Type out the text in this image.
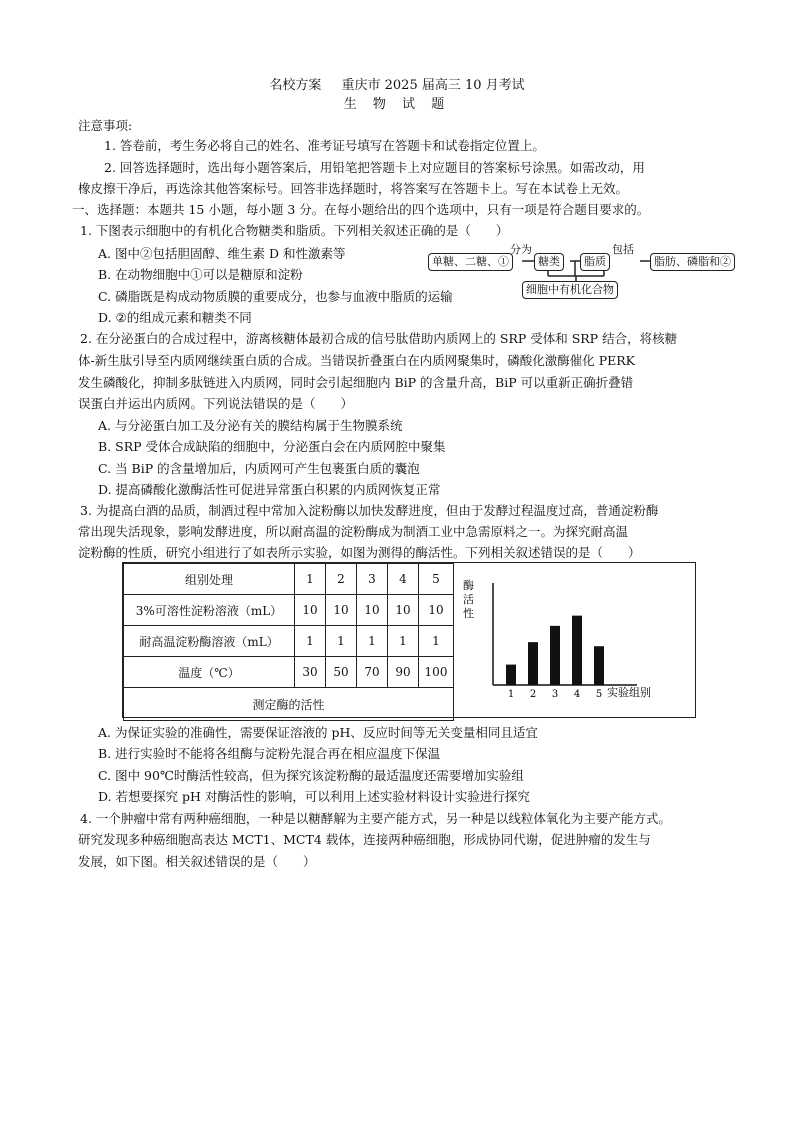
名校方案 重庆市 2025 届高三 10 月考试
生 物 试 题
注意事项:
1. 答卷前，考生务必将自己的姓名、准考证号填写在答题卡和试卷指定位置上。
2. 回答选择题时，选出每小题答案后，用铅笔把答题卡上对应题目的答案标号涂黑。如需改动，用
橡皮擦干净后，再选涂其他答案标号。回答非选择题时，将答案写在答题卡上。写在本试卷上无效。
一、选择题：本题共 15 小题，每小题 3 分。在每小题给出的四个选项中，只有一项是符合题目要求的。
1. 下图表示细胞中的有机化合物糖类和脂质。下列相关叙述正确的是（　　）
A. 图中②包括胆固醇、维生素 D 和性激素等
B. 在动物细胞中①可以是糖原和淀粉
C. 磷脂既是构成动物质膜的重要成分，也参与血液中脂质的运输
D. ②的组成元素和糖类不同
单糖、二糖、①
分为
糖类	脂质
包括
脂肪、磷脂和②
细胞中有机化合物
2. 在分泌蛋白的合成过程中，游离核糖体最初合成的信号肽借助内质网上的 SRP 受体和 SRP 结合，将核糖
体-新生肽引导至内质网继续蛋白质的合成。当错误折叠蛋白在内质网聚集时，磷酸化激酶催化 PERK
发生磷酸化，抑制多肽链进入内质网，同时会引起细胞内 BiP 的含量升高，BiP 可以重新正确折叠错
误蛋白并运出内质网。下列说法错误的是（　　）
A. 与分泌蛋白加工及分泌有关的膜结构属于生物膜系统
B. SRP 受体合成缺陷的细胞中，分泌蛋白会在内质网腔中聚集
C. 当 BiP 的含量增加后，内质网可产生包裹蛋白质的囊泡
D. 提高磷酸化激酶活性可促进异常蛋白积累的内质网恢复正常
3. 为提高白酒的品质，制酒过程中常加入淀粉酶以加快发酵进度，但由于发酵过程温度过高，普通淀粉酶
常出现失活现象，影响发酵进度，所以耐高温的淀粉酶成为制酒工业中急需原料之一。为探究耐高温
淀粉酶的性质，研究小组进行了如表所示实验，如图为测得的酶活性。下列相关叙述错误的是（　　）
组别处理	1	2	3	4	5
3%可溶性淀粉溶液（mL）	10	10	10	10	10
耐高温淀粉酶溶液（mL）	1	1	1	1	1
温度（℃）	30	50	70	90	100
测定酶的活性					
酶 活 性
1 2 3 4 5 实验组别
A. 为保证实验的准确性，需要保证溶液的 pH、反应时间等无关变量相同且适宜
B. 进行实验时不能将各组酶与淀粉先混合再在相应温度下保温
C. 图中 90℃时酶活性较高，但为探究该淀粉酶的最适温度还需要增加实验组
D. 若想要探究 pH 对酶活性的影响，可以利用上述实验材料设计实验进行探究
4. 一个肿瘤中常有两种癌细胞，一种是以糖酵解为主要产能方式，另一种是以线粒体氧化为主要产能方式。
研究发现多种癌细胞高表达 MCT1、MCT4 载体，连接两种癌细胞，形成协同代谢，促进肿瘤的发生与
发展，如下图。相关叙述错误的是（　　）
